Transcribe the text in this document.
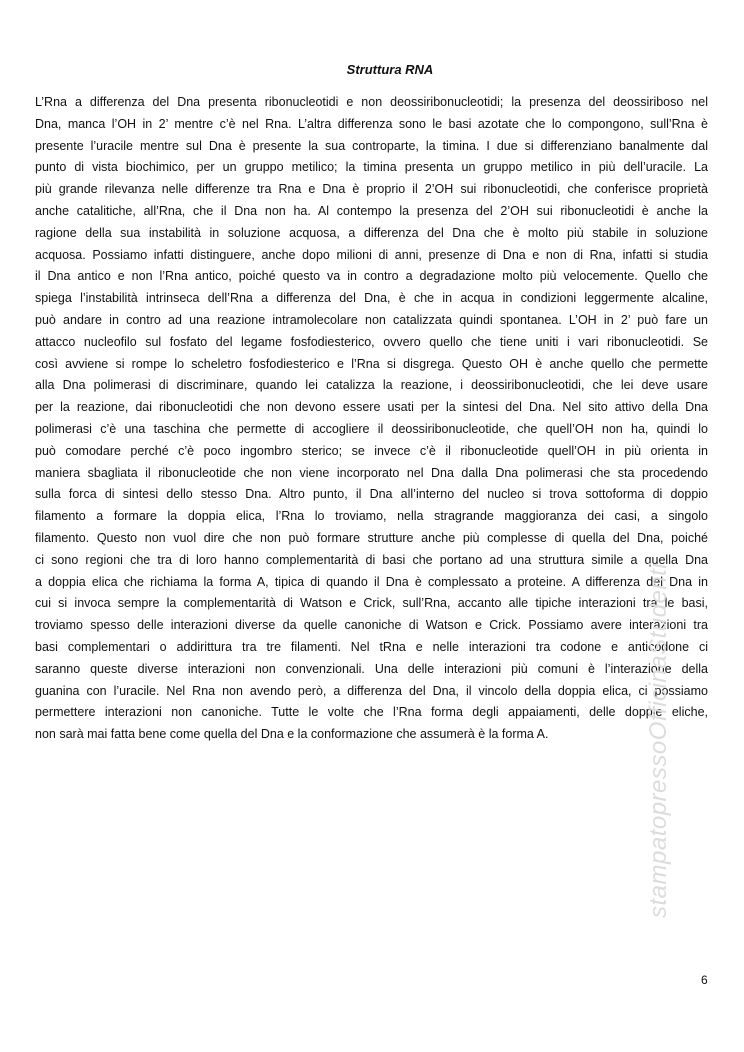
Struttura RNA
L’Rna a differenza del Dna presenta ribonucleotidi e non deossiribonucleotidi; la presenza del deossiriboso nel
Dna, manca l’OH in 2’ mentre c’è nel Rna. L’altra differenza sono le basi azotate che lo compongono, sull’Rna è
presente l’uracile mentre sul Dna è presente la sua controparte, la timina. I due si differenziano banalmente dal
punto di vista biochimico, per un gruppo metilico; la timina presenta un gruppo metilico in più dell’uracile. La
più grande rilevanza nelle differenze tra Rna e Dna è proprio il 2’OH sui ribonucleotidi, che conferisce proprietà
anche catalitiche, all’Rna, che il Dna non ha. Al contempo la presenza del 2’OH sui ribonucleotidi è anche la
ragione della sua instabilità in soluzione acquosa, a differenza del Dna che è molto più stabile in soluzione
acquosa. Possiamo infatti distinguere, anche dopo milioni di anni, presenze di Dna e non di Rna, infatti si studia
il Dna antico e non l’Rna antico, poiché questo va in contro a degradazione molto più velocemente. Quello che
spiega l’instabilità intrinseca dell’Rna a differenza del Dna, è che in acqua in condizioni leggermente alcaline,
può andare in contro ad una reazione intramolecolare non catalizzata quindi spontanea. L’OH in 2’ può fare un
attacco nucleofilo sul fosfato del legame fosfodiesterico, ovvero quello che tiene uniti i vari ribonucleotidi. Se
così avviene si rompe lo scheletro fosfodiesterico e l’Rna si disgrega. Questo OH è anche quello che permette
alla Dna polimerasi di discriminare, quando lei catalizza la reazione, i deossiribonucleotidi, che lei deve usare
per la reazione, dai ribonucleotidi che non devono essere usati per la sintesi del Dna. Nel sito attivo della Dna
polimerasi c’è una taschina che permette di accogliere il deossiribonucleotide, che quell’OH non ha, quindi lo
può comodare perché c’è poco ingombro sterico; se invece c’è il ribonucleotide quell’OH in più orienta in
maniera sbagliata il ribonucleotide che non viene incorporato nel Dna dalla Dna polimerasi che sta procedendo
sulla forca di sintesi dello stesso Dna. Altro punto, il Dna all’interno del nucleo si trova sottoforma di doppio
filamento a formare la doppia elica, l’Rna lo troviamo, nella stragrande maggioranza dei casi, a singolo
filamento. Questo non vuol dire che non può formare strutture anche più complesse di quella del Dna, poiché
ci sono regioni che tra di loro hanno complementarità di basi che portano ad una struttura simile a quella Dna
a doppia elica che richiama la forma A, tipica di quando il Dna è complessato a proteine. A differenza del Dna in
cui si invoca sempre la complementarità di Watson e Crick, sull’Rna, accanto alle tipiche interazioni tra le basi,
troviamo spesso delle interazioni diverse da quelle canoniche di Watson e Crick. Possiamo avere interazioni tra
basi complementari o addirittura tra tre filamenti. Nel tRna e nelle interazioni tra codone e anticodone ci
saranno queste diverse interazioni non convenzionali. Una delle interazioni più comuni è l’interazione della
guanina con l’uracile. Nel Rna non avendo però, a differenza del Dna, il vincolo della doppia elica, ci possiamo
permettere interazioni non canoniche. Tutte le volte che l’Rna forma degli appaiamenti, delle doppie eliche,
non sarà mai fatta bene come quella del Dna e la conformazione che assumerà è la forma A.	stampatopressoOfficinaStudenti
6
